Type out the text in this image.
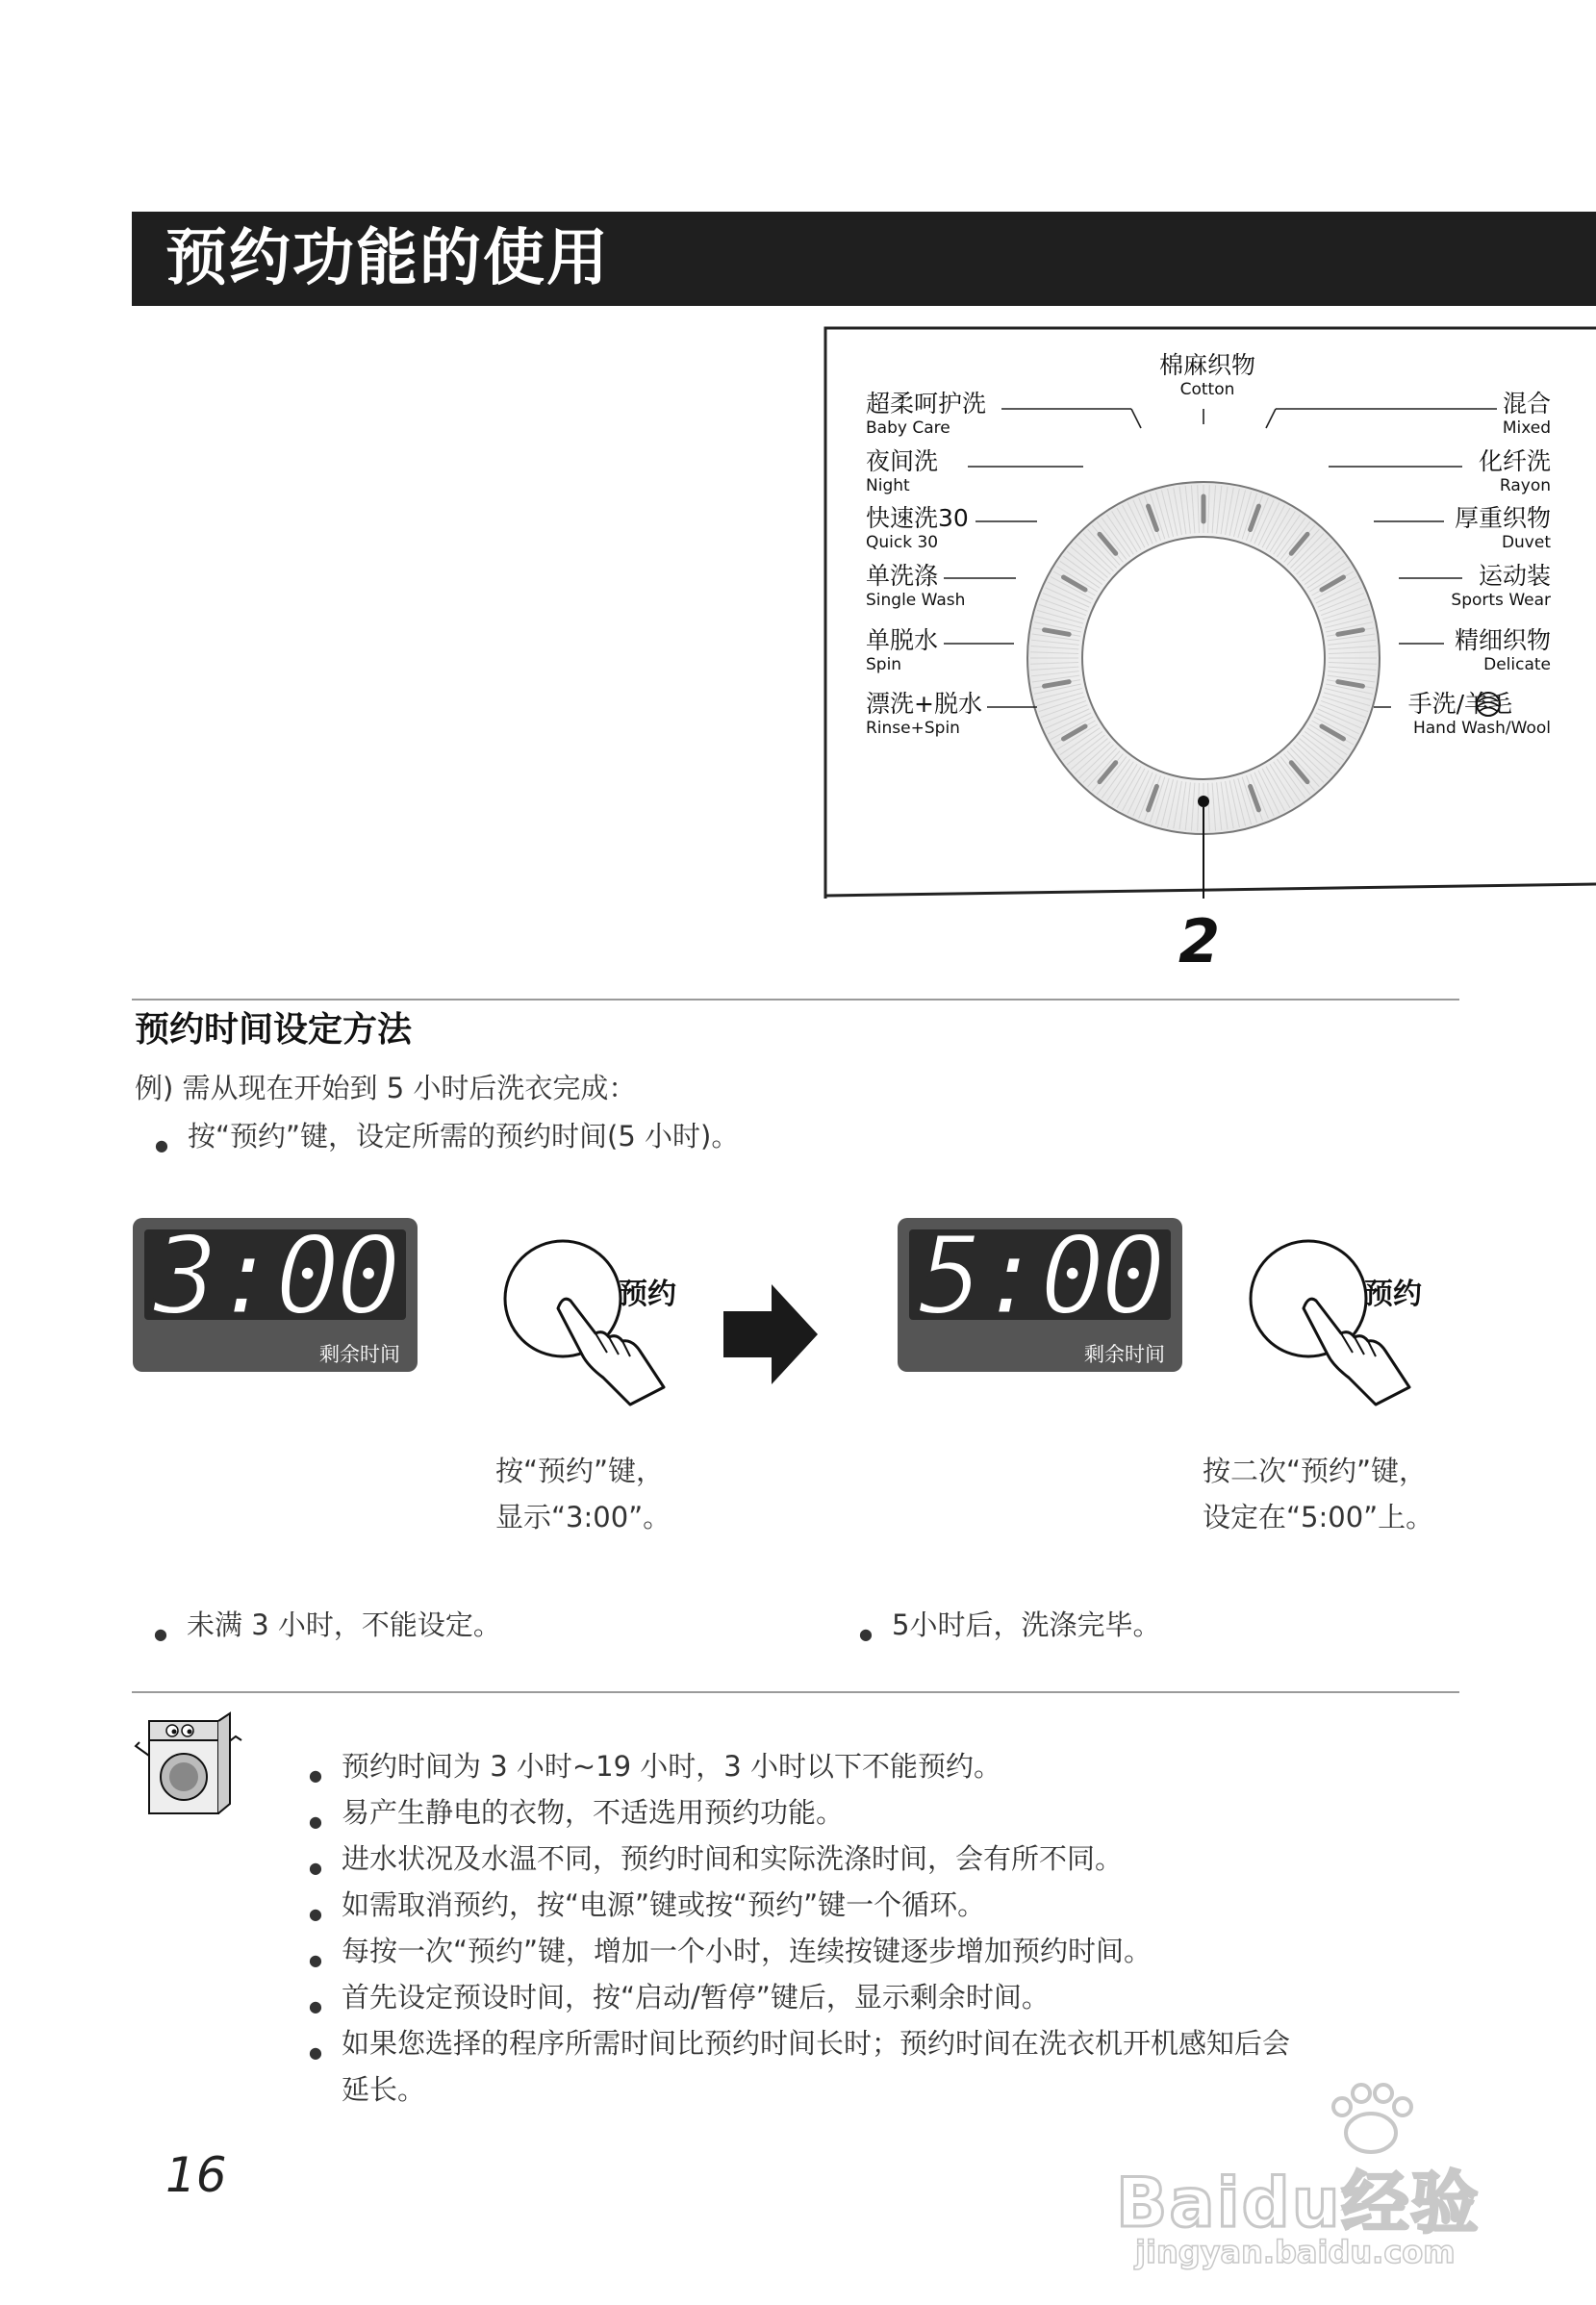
预约功能的使用
超柔呵护洗
Baby Care
夜间洗
Night
快速洗30
Quick 30
单洗涤
Single Wash
单脱水
Spin
漂洗+脱水
Rinse+Spin
棉麻织物
Cotton	混合
Mixed
化纤洗
Rayon
厚重织物
Duvet
运动装
Sports Wear
精细织物
Delicate
手洗/羊毛
Hand Wash/Wool
2
预约时间设定方法
例) 需从现在开始到 5 小时后洗衣完成：
● 按“预约”键，设定所需的预约时间(5 小时)。
3:00
剩余时间
预约 5:00
剩余时间
预约
按“预约”键，
显示“3:00”。
按二次“预约”键，
设定在“5:00”上。
● 未满 3 小时，不能设定。
●	5小时后，洗涤完毕。
● 预约时间为 3 小时~19 小时，3 小时以下不能预约。
● 易产生静电的衣物，不适选用预约功能。
● 进水状况及水温不同，预约时间和实际洗涤时间，会有所不同。
● 如需取消预约，按“电源”键或按“预约”键一个循环。
● 每按一次“预约”键，增加一个小时，连续按键逐步增加预约时间。
● 首先设定预设时间，按“启动/暂停”键后，显示剩余时间。
● 如果您选择的程序所需时间比预约时间长时；预约时间在洗衣机开机感知后会
延长。
16	Baidu经验
jingyan.baidu.com
